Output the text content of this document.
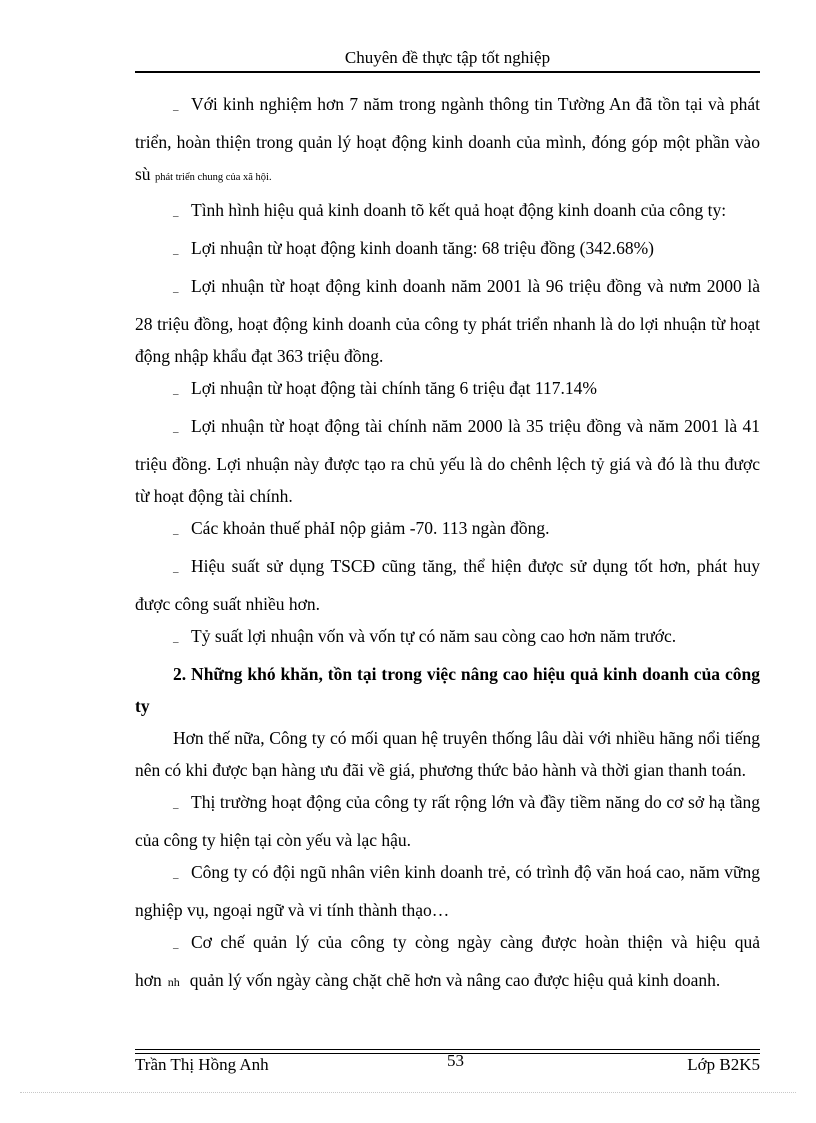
Chuyên đề thực tập tốt nghiệp

– Với kinh nghiệm hơn 7 năm trong ngành thông tin Tường An đã tồn tại và phát triển, hoàn thiện trong quản lý hoạt động kinh doanh của mình, đóng góp một phần vào sù phát triển chung của xã hội.

– Tình hình hiệu quả kinh doanh tõ kết quả hoạt động kinh doanh của công ty:

– Lợi nhuận từ hoạt động kinh doanh tăng: 68 triệu đồng (342.68%)

– Lợi nhuận từ hoạt động kinh doanh năm 2001 là 96 triệu đồng và nưm 2000 là 28 triệu đồng, hoạt động kinh doanh của công ty phát triển nhanh là do lợi nhuận từ hoạt động nhập khẩu đạt 363 triệu đồng.

– Lợi nhuận từ hoạt động tài chính tăng 6 triệu đạt 117.14%

– Lợi nhuận từ hoạt động tài chính năm 2000 là 35 triệu đồng và năm 2001 là 41 triệu đồng. Lợi nhuận này được tạo ra chủ yếu là do chênh lệch tỷ giá và đó là thu được từ hoạt động tài chính.

– Các khoản thuế phảI nộp giảm -70. 113 ngàn đồng.

– Hiệu suất sử dụng TSCĐ cũng tăng, thể hiện được sử dụng tốt hơn, phát huy được công suất nhiều hơn.

– Tỷ suất lợi nhuận vốn và vốn tự có năm sau còng cao hơn năm trước.

2. Những khó khăn, tồn tại trong việc nâng cao hiệu quả kinh doanh của công ty

Hơn thế nữa, Công ty có mối quan hệ truyên thống lâu dài với nhiều hãng nổi tiếng nên có khi được bạn hàng ưu đãi về giá, phương thức bảo hành và thời gian thanh toán.

– Thị trường hoạt động của công ty rất rộng lớn và đầy tiềm năng do cơ sở hạ tầng của công ty hiện tại còn yếu và lạc hậu.

– Công ty có đội ngũ nhân viên kinh doanh trẻ, có trình độ văn hoá cao, năm vững nghiệp vụ, ngoại ngữ và vi tính thành thạo…

– Cơ chế quản lý của công ty còng ngày càng được hoàn thiện và hiệu quả hơn nh quản lý vốn ngày càng chặt chẽ hơn và nâng cao được hiệu quả kinh doanh.

Trần Thị Hồng Anh	53	Lớp B2K5
